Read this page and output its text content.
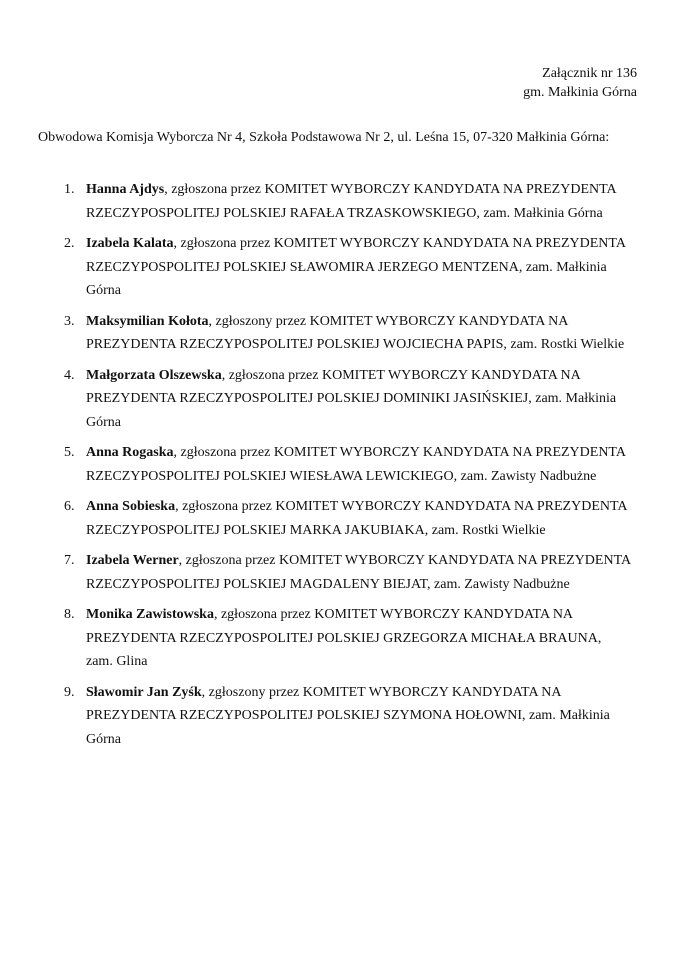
Załącznik nr 136
gm. Małkinia Górna
Obwodowa Komisja Wyborcza Nr 4, Szkoła Podstawowa Nr 2, ul. Leśna 15, 07-320 Małkinia Górna:
1. Hanna Ajdys, zgłoszona przez KOMITET WYBORCZY KANDYDATA NA PREZYDENTA RZECZYPOSPOLITEJ POLSKIEJ RAFAŁA TRZASKOWSKIEGO, zam. Małkinia Górna
2. Izabela Kalata, zgłoszona przez KOMITET WYBORCZY KANDYDATA NA PREZYDENTA RZECZYPOSPOLITEJ POLSKIEJ SŁAWOMIRA JERZEGO MENTZENA, zam. Małkinia Górna
3. Maksymilian Kołota, zgłoszony przez KOMITET WYBORCZY KANDYDATA NA PREZYDENTA RZECZYPOSPOLITEJ POLSKIEJ WOJCIECHA PAPIS, zam. Rostki Wielkie
4. Małgorzata Olszewska, zgłoszona przez KOMITET WYBORCZY KANDYDATA NA PREZYDENTA RZECZYPOSPOLITEJ POLSKIEJ DOMINIKI JASIŃSKIEJ, zam. Małkinia Górna
5. Anna Rogaska, zgłoszona przez KOMITET WYBORCZY KANDYDATA NA PREZYDENTA RZECZYPOSPOLITEJ POLSKIEJ WIESŁAWA LEWICKIEGO, zam. Zawisty Nadbużne
6. Anna Sobieska, zgłoszona przez KOMITET WYBORCZY KANDYDATA NA PREZYDENTA RZECZYPOSPOLITEJ POLSKIEJ MARKA JAKUBIAKA, zam. Rostki Wielkie
7. Izabela Werner, zgłoszona przez KOMITET WYBORCZY KANDYDATA NA PREZYDENTA RZECZYPOSPOLITEJ POLSKIEJ MAGDALENY BIEJAT, zam. Zawisty Nadbużne
8. Monika Zawistowska, zgłoszona przez KOMITET WYBORCZY KANDYDATA NA PREZYDENTA RZECZYPOSPOLITEJ POLSKIEJ GRZEGORZA MICHAŁA BRAUNA, zam. Glina
9. Sławomir Jan Zyśk, zgłoszony przez KOMITET WYBORCZY KANDYDATA NA PREZYDENTA RZECZYPOSPOLITEJ POLSKIEJ SZYMONA HOŁOWNI, zam. Małkinia Górna
